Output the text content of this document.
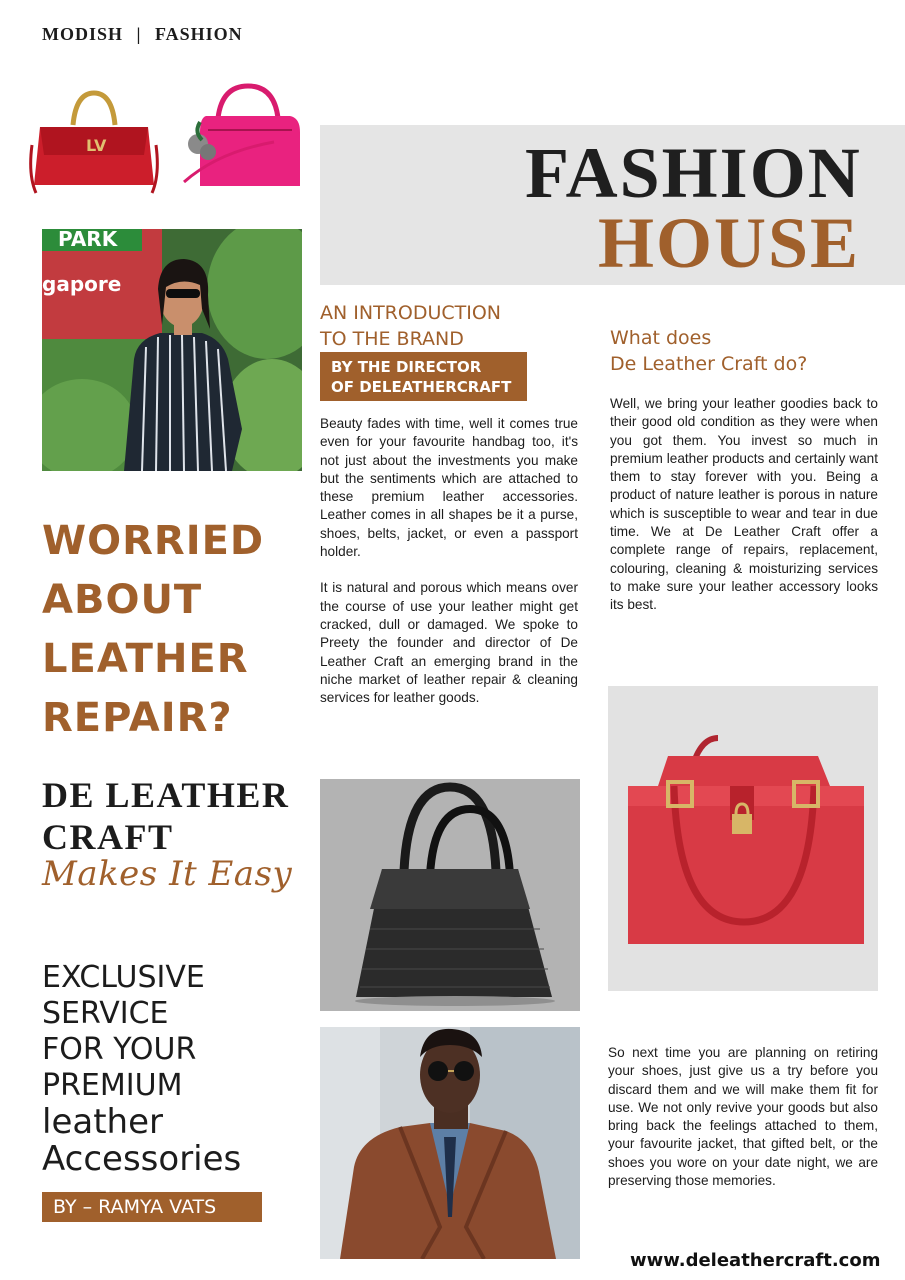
MODISH | FASHION
LV	FASHION
HOUSE
PARK
gapore
AN INTRODUCTION
TO THE BRAND
BY THE DIRECTOR
OF DELEATHERCRAFT

Beauty fades with time, well it comes true even for your favourite handbag too, it's not just about the investments you make but the sentiments which are attached to these premium leather accessories. Leather comes in all shapes be it a purse, shoes, belts, jacket, or even a passport holder.

It is natural and porous which means over the course of use your leather might get cracked, dull or damaged. We spoke to Preety the founder and director of De Leather Craft an emerging brand in the niche market of leather repair & cleaning services for leather goods.

What does
De Leather Craft do?

Well, we bring your leather goodies back to their good old condition as they were when you got them. You invest so much in premium leather products and certainly want them to stay forever with you. Being a product of nature leather is porous in nature which is susceptible to wear and tear in due time. We at De Leather Craft offer a complete range of repairs, replacement, colouring, cleaning & moisturizing services to make sure your leather accessory looks its best.

WORRIED
ABOUT
LEATHER
REPAIR?
DE LEATHER
CRAFT
Makes It Easy
EXCLUSIVE
SERVICE
FOR YOUR
PREMIUM
leather
Accessories
BY – RAMYA VATS

So next time you are planning on retiring your shoes, just give us a try before you discard them and we will make them fit for use. We not only revive your goods but also bring back the feelings attached to them, your favourite jacket, that gifted belt, or the shoes you wore on your date night, we are preserving those memories.

www.deleathercraft.com
